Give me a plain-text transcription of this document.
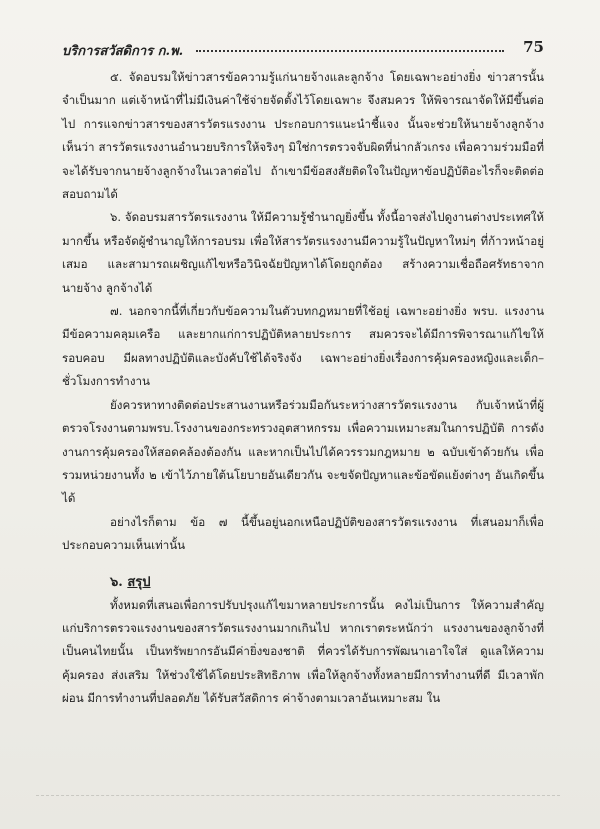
บริการสวัสดิการ ก.พ.	75

๕. จัดอบรมให้ข่าวสารข้อความรู้แก่นายจ้างและลูกจ้าง โดยเฉพาะอย่างยิ่ง ข่าวสารนั้นจำเป็นมาก แต่เจ้าหน้าที่ไม่มีเงินค่าใช้จ่ายจัดตั้งไว้โดยเฉพาะ จึงสมควร ให้พิจารณาจัดให้มีขึ้นต่อไป การแจกข่าวสารของสารวัตรแรงงาน ประกอบการแนะนำชี้แจง นั้นจะช่วยให้นายจ้างลูกจ้างเห็นว่า สารวัตรแรงงานอำนวยบริการให้จริงๆ มิใช่การตรวจจับผิดที่น่ากลัวเกรง เพื่อความร่วมมือที่จะได้รับจากนายจ้างลูกจ้างในเวลาต่อไป ถ้าเขามีข้อสงสัยติดใจในปัญหาข้อปฏิบัติอะไรก็จะติดต่อสอบถามได้

๖. จัดอบรมสารวัตรแรงงาน ให้มีความรู้ชำนาญยิ่งขึ้น ทั้งนี้อาจส่งไปดูงานต่างประเทศให้มากขึ้น หรือจัดผู้ชำนาญให้การอบรม เพื่อให้สารวัตรแรงงานมีความรู้ในปัญหาใหม่ๆ ที่ก้าวหน้าอยู่เสมอ และสามารถเผชิญแก้ไขหรือวินิจฉัยปัญหาได้โดยถูกต้อง สร้างความเชื่อถือศรัทธาจากนายจ้าง ลูกจ้างได้

๗. นอกจากนี้ที่เกี่ยวกับข้อความในตัวบทกฎหมายที่ใช้อยู่ เฉพาะอย่างยิ่ง พรบ. แรงงาน มีข้อความคลุมเครือ และยากแก่การปฏิบัติหลายประการ สมควรจะได้มีการพิจารณาแก้ไขให้รอบคอบ มีผลทางปฏิบัติและบังคับใช้ได้จริงจัง เฉพาะอย่างยิ่งเรื่องการคุ้มครองหญิงและเด็ก–ชั่วโมงการทำงาน

ยังควรหาทางติดต่อประสานงานหรือร่วมมือกันระหว่างสารวัตรแรงงาน กับเจ้าหน้าที่ผู้ตรวจโรงงานตามพรบ.โรงงานของกระทรวงอุตสาหกรรม เพื่อความเหมาะสมในการปฏิบัติ การดังงานการคุ้มครองให้สอดคล้องต้องกัน และหากเป็นไปได้ควรรวมกฎหมาย ๒ ฉบับเข้าด้วยกัน เพื่อรวมหน่วยงานทั้ง ๒ เข้าไว้ภายใต้นโยบายอันเดียวกัน จะขจัดปัญหาและข้อขัดแย้งต่างๆ อันเกิดขึ้นได้

อย่างไรก็ตาม ข้อ ๗ นี้ขึ้นอยู่นอกเหนือปฏิบัติของสารวัตรแรงงาน ที่เสนอมาก็เพื่อประกอบความเห็นเท่านั้น

๖. สรุป

ทั้งหมดที่เสนอเพื่อการปรับปรุงแก้ไขมาหลายประการนั้น คงไม่เป็นการ ให้ความสำคัญแก่บริการตรวจแรงงานของสารวัตรแรงงานมากเกินไป หากเราตระหนักว่า แรงงานของลูกจ้างที่เป็นคนไทยนั้น เป็นทรัพยากรอันมีค่ายิ่งของชาติ ที่ควรได้รับการพัฒนาเอาใจใส่ ดูแลให้ความคุ้มครอง ส่งเสริม ให้ช่วงใช้ได้โดยประสิทธิภาพ เพื่อให้ลูกจ้างทั้งหลายมีการทำงานที่ดี มีเวลาพักผ่อน มีการทำงานที่ปลอดภัย ได้รับสวัสดิการ ค่าจ้างตามเวลาอันเหมาะสม ใน
